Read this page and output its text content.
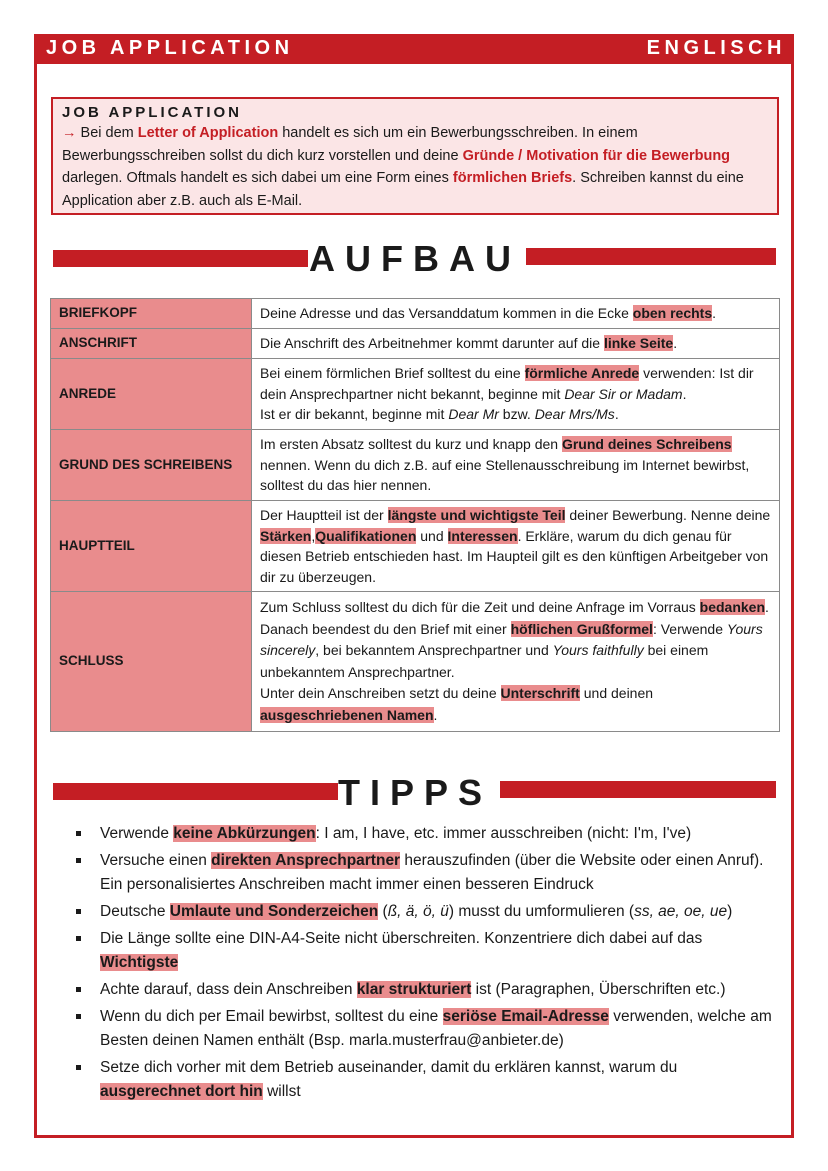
JOB APPLICATION	ENGLISCH
JOB APPLICATION
→ Bei dem Letter of Application handelt es sich um ein Bewerbungsschreiben. In einem Bewerbungsschreiben sollst du dich kurz vorstellen und deine Gründe / Motivation für die Bewerbung darlegen. Oftmals handelt es sich dabei um eine Form eines förmlichen Briefs. Schreiben kannst du eine Application aber z.B. auch als E-Mail.
AUFBAU
BRIEFKOPF	Deine Adresse und das Versanddatum kommen in die Ecke oben rechts.
ANSCHRIFT	Die Anschrift des Arbeitnehmer kommt darunter auf die linke Seite.
ANREDE	Bei einem förmlichen Brief solltest du eine förmliche Anrede verwenden: Ist dir dein Ansprechpartner nicht bekannt, beginne mit Dear Sir or Madam.
Ist er dir bekannt, beginne mit Dear Mr bzw. Dear Mrs/Ms.
GRUND DES SCHREIBENS	Im ersten Absatz solltest du kurz und knapp den Grund deines Schreibens nennen. Wenn du dich z.B. auf eine Stellenausschreibung im Internet bewirbst, solltest du das hier nennen.
HAUPTTEIL	Der Hauptteil ist der längste und wichtigste Teil deiner Bewerbung. Nenne deine Stärken,Qualifikationen und Interessen. Erkläre, warum du dich genau für diesen Betrieb entschieden hast. Im Haupteil gilt es den künftigen Arbeitgeber von dir zu überzeugen.
SCHLUSS	Zum Schluss solltest du dich für die Zeit und deine Anfrage im Vorraus bedanken. Danach beendest du den Brief mit einer höflichen Grußformel: Verwende Yours sincerely, bei bekanntem Ansprechpartner und Yours faithfully bei einem unbekanntem Ansprechpartner.
Unter dein Anschreiben setzt du deine Unterschrift und deinen ausgeschriebenen Namen.
TIPPS
Verwende keine Abkürzungen: I am, I have, etc. immer ausschreiben (nicht: I'm, I've)
Versuche einen direkten Ansprechpartner herauszufinden (über die Website oder einen Anruf). Ein personalisiertes Anschreiben macht immer einen besseren Eindruck
Deutsche Umlaute und Sonderzeichen (ß, ä, ö, ü) musst du umformulieren (ss, ae, oe, ue)
Die Länge sollte eine DIN-A4-Seite nicht überschreiten. Konzentriere dich dabei auf das Wichtigste
Achte darauf, dass dein Anschreiben klar strukturiert ist (Paragraphen, Überschriften etc.)
Wenn du dich per Email bewirbst, solltest du eine seriöse Email-Adresse verwenden, welche am Besten deinen Namen enthält (Bsp. marla.musterfrau@anbieter.de)
Setze dich vorher mit dem Betrieb auseinander, damit du erklären kannst, warum du ausgerechnet dort hin willst
